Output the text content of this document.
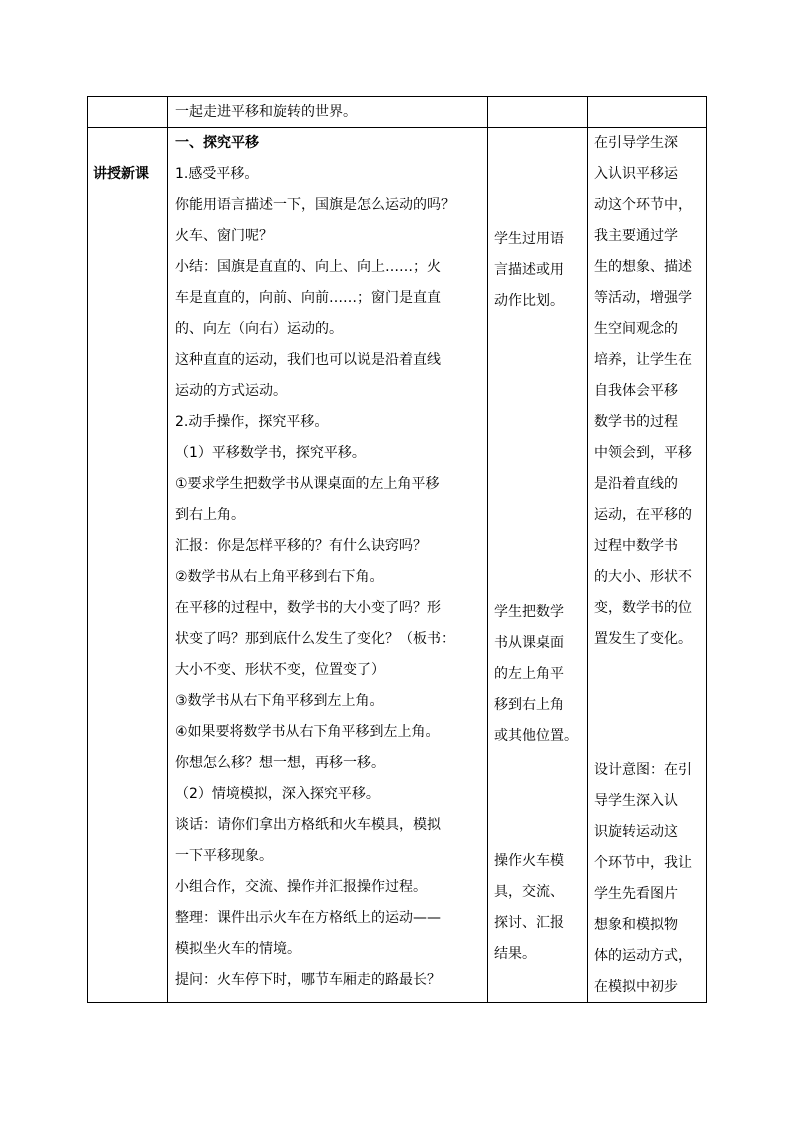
一起走进平移和旋转的世界。
讲授新课
一、探究平移
1.感受平移。
你能用语言描述一下，国旗是怎么运动的吗？
火车、窗门呢？
小结：国旗是直直的、向上、向上……；火
车是直直的，向前、向前……；窗门是直直
的、向左（向右）运动的。
这种直直的运动，我们也可以说是沿着直线
运动的方式运动。
2.动手操作，探究平移。
（1）平移数学书，探究平移。
①要求学生把数学书从课桌面的左上角平移
到右上角。
汇报：你是怎样平移的？有什么诀窍吗？
②数学书从右上角平移到右下角。
在平移的过程中，数学书的大小变了吗？形
状变了吗？那到底什么发生了变化？（板书：
大小不变、形状不变，位置变了）
③数学书从右下角平移到左上角。
④如果要将数学书从右下角平移到左上角。
你想怎么移？想一想，再移一移。
（2）情境模拟，深入探究平移。
谈话：请你们拿出方格纸和火车模具，模拟
一下平移现象。
小组合作，交流、操作并汇报操作过程。
整理：课件出示火车在方格纸上的运动——
模拟坐火车的情境。
提问：火车停下时，哪节车厢走的路最长？
学生过用语
言描述或用
动作比划。
学生把数学
书从课桌面
的左上角平
移到右上角
或其他位置。
操作火车模
具，交流、
探讨、汇报
结果。
在引导学生深
入认识平移运
动这个环节中，
我主要通过学
生的想象、描述
等活动，增强学
生空间观念的
培养，让学生在
自我体会平移
数学书的过程
中领会到，平移
是沿着直线的
运动，在平移的
过程中数学书
的大小、形状不
变，数学书的位
置发生了变化。
设计意图：在引
导学生深入认
识旋转运动这
个环节中，我让
学生先看图片
想象和模拟物
体的运动方式，
在模拟中初步
